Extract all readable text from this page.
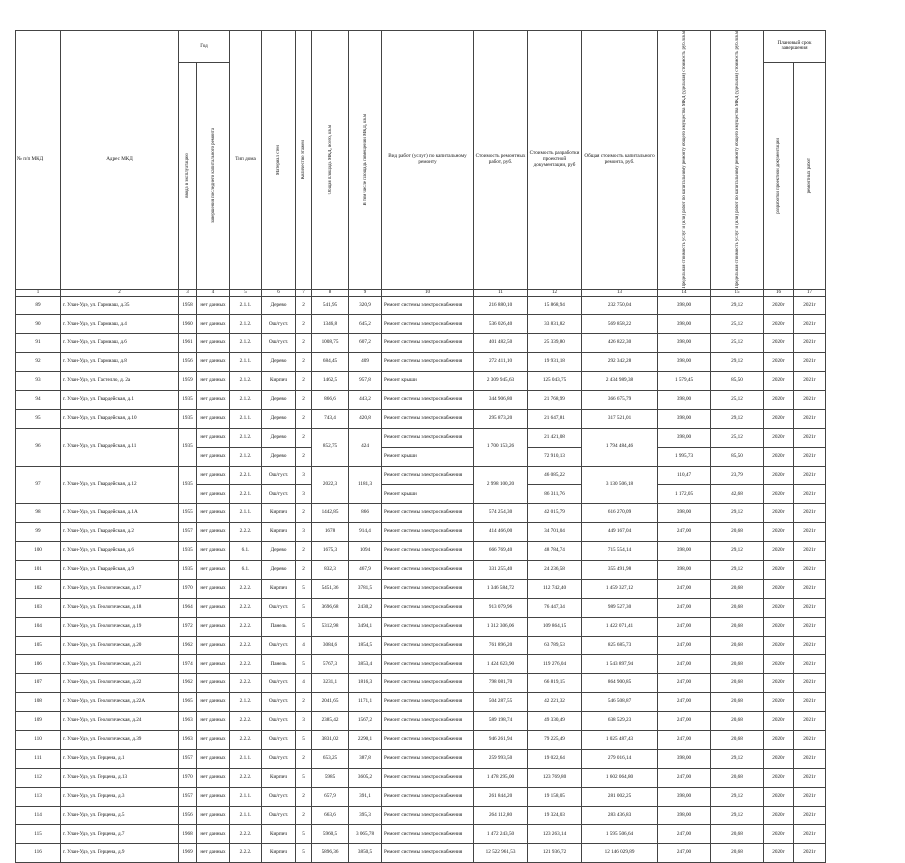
№ п/п МКД	Адрес МКД	Год		Тип дома	Материал стен	Количество этажей	Общая площадь МКД, всего, кв.м	В том числе площадь помещений МКД, кв.м	Вид работ (услуг) по капитальному ремонту	Стоимость ремонтных работ, руб.	Стоимость разработки проектной документации, руб	Общая стоимость капитального ремонта, руб.	Предельная стоимость услуг и (или) работ по капитальному ремонту общего имущества МКД (удельная) стоимость руб./кв.м	Предельная стоимость услуг и (или) работ по капитальному ремонту общего имущества МКД (удельная) стоимость руб./кв.м	Плановый срок завершения	

		ввода в эксплуатацию	завершения последнего капитального ремонта												разработки проектной документации	ремонтных работ

1	2	3	4	5	6	7	8	9	10	11	12	13	14	15	16	17
89	г. Улан-Удэ, ул. Гармиаш, д.35	1958	нет данных	2.1.1.	Дерево	2	541,95	320,9	Ремонт системы электроснабжения	216 880,10	15 868,94	232 750,04	398,00	29,12	2020г	2021г
90	г. Улан-Удэ, ул. Гармиаш, д.4	1960	нет данных	2.1.2.	Ош/густ.	2	1346,8	645,2	Ремонт системы электроснабжения	536 026,40	33 831,82	569 858,22	398,00	25,12	2020г	2021г
91	г. Улан-Удэ, ул. Гармиаш, д.6	1961	нет данных	2.1.2.	Ош/густ.	2	1008,75	607,2	Ремонт системы электроснабжения	401 482,50	25 339,80	426 822,30	398,00	25,12	2020г	2021г
92	г. Улан-Удэ, ул. Гармиаш, д.8	1956	нет данных	2.1.1.	Дерево	2	684,45	409	Ремонт системы электроснабжения	272 411,10	19 931,18	292 342,28	398,00	29,12	2020г	2021г
93	г. Улан-Удэ, ул. Гастелло, д. 2а	1959	нет данных	2.1.2.	Кирпич	2	1462,5	957,8	Ремонт крыши	2 309 945,63	125 043,75	2 434 989,38	1 579,45	85,50	2020г	2021г
94	г. Улан-Удэ, ул. Гвардейская, д.1	1935	нет данных	2.1.2.	Дерево	2	866,6	443,2	Ремонт системы электроснабжения	344 906,80	21 768,99	366 675,79	398,00	25,12	2020г	2021г
95	г. Улан-Удэ, ул. Гвардейская, д.10	1935	нет данных	2.1.1.	Дерево	2	743,4	420,8	Ремонт системы электроснабжения	295 873,20	21 647,81	317 521,01	398,00	29,12	2020г	2021г
96	г. Улан-Удэ, ул. Гвардейская, д.11	1935	нет данных	2.1.2.	Дерево	2	852,75	424	Ремонт системы электроснабжения	1 700 153,26	21 421,08	1 794 484,46	398,00	25,12	2020г	2021г
			нет данных	2.1.2.	Дерево	2			Ремонт крыши		72 910,13		1 995,73	85,50	2020г	2021г
97	г. Улан-Удэ, ул. Гвардейская, д.12	1935	нет данных	2.2.1.	Ош/густ.	3	2022,3	1181,3	Ремонт системы электроснабжения	2 998 100,20	46 085,22	3 130 506,18	110,47	23,79	2020г	2021г
			нет данных	2.2.1.	Ош/густ.	3			Ремонт крыши		86 311,76		1 172,05	42,68	2020г	2021г
98	г. Улан-Удэ, ул. Гвардейская, д.1А	1955	нет данных	2.1.1.	Кирпич	2	1442,85	866	Ремонт системы электроснабжения	574 254,30	42 015,79	616 270,09	398,00	29,12	2020г	2021г
99	г. Улан-Удэ, ул. Гвардейская, д.2	1957	нет данных	2.2.2.	Кирпич	3	1678	914,4	Ремонт системы электроснабжения	414 466,00	34 701,04	449 167,04	247,00	20,68	2020г	2021г
100	г. Улан-Удэ, ул. Гвардейская, д.6	1935	нет данных	6.1.	Дерево	2	1675,3	1094	Ремонт системы электроснабжения	666 769,40	48 784,74	715 554,14	398,00	29,12	2020г	2021г
101	г. Улан-Удэ, ул. Гвардейская, д.9	1935	нет данных	6.1.	Дерево	2	832,3	467,9	Ремонт системы электроснабжения	331 255,40	24 236,58	355 491,98	398,00	29,12	2020г	2021г
102	г. Улан-Удэ, ул. Геологическая, д.17	1970	нет данных	2.2.2.	Кирпич	5	5451,36	3781,5	Ремонт системы электроснабжения	1 346 584,72	112 742,40	1 459 327,12	247,00	20,68	2020г	2021г
103	г. Улан-Удэ, ул. Геологическая, д.18	1964	нет данных	2.2.2.	Ош/густ.	5	3696,68	2430,2	Ремонт системы электроснабжения	913 079,96	76 447,34	989 527,30	247,00	20,68	2020г	2021г
104	г. Улан-Удэ, ул. Геологическая, д.19	1972	нет данных	2.2.2.	Панель	5	5312,98	3494,1	Ремонт системы электроснабжения	1 312 306,06	109 864,15	1 422 071,41	247,00	20,68	2020г	2021г
105	г. Улан-Удэ, ул. Геологическая, д.20	1962	нет данных	2.2.2.	Ош/густ.	4	3084,6	1854,5	Ремонт системы электроснабжения	761 896,20	63 789,53	825 685,73	247,00	20,68	2020г	2021г
106	г. Улан-Удэ, ул. Геологическая, д.21	1974	нет данных	2.2.2.	Панель	5	5767,3	3853,4	Ремонт системы электроснабжения	1 424 623,90	119 276,04	1 543 897,94	247,00	20,68	2020г	2021г
107	г. Улан-Удэ, ул. Геологическая, д.22	1962	нет данных	2.2.2.	Ош/густ.	4	3231,1	1816,3	Ремонт системы электроснабжения	798 081,70	66 819,15	864 900,85	247,00	20,68	2020г	2021г
108	г. Улан-Удэ, ул. Геологическая, д.22А	1965	нет данных	2.1.2.	Ош/густ.	2	2041,65	1171,1	Ремонт системы электроснабжения	504 287,55	42 221,32	546 508,87	247,00	20,68	2020г	2021г
109	г. Улан-Удэ, ул. Геологическая, д.24	1963	нет данных	2.2.2.	Ош/густ.	3	2385,42	1567,2	Ремонт системы электроснабжения	589 198,74	49 330,49	638 529,23	247,00	20,68	2020г	2021г
110	г. Улан-Удэ, ул. Геологическая, д.39	1963	нет данных	2.2.2.	Ош/густ.	5	3831,02	2290,1	Ремонт системы электроснабжения	946 261,94	79 225,49	1 025 487,43	247,00	20,68	2020г	2021г
111	г. Улан-Удэ, ул. Герцена, д.1	1957	нет данных	2.1.1.	Ош/густ.	2	653,25	387,8	Ремонт системы электроснабжения	259 993,50	19 022,64	279 016,14	398,00	29,12	2020г	2021г
112	г. Улан-Удэ, ул. Герцена, д.13	1970	нет данных	2.2.2.	Кирпич	5	5985	3605,2	Ремонт системы электроснабжения	1 478 295,00	123 769,80	1 602 064,80	247,00	20,68	2020г	2021г
113	г. Улан-Удэ, ул. Герцена, д.3	1957	нет данных	2.1.1.	Ош/густ.	2	657,9	391,1	Ремонт системы электроснабжения	261 844,20	19 158,05	281 002,25	398,00	29,12	2020г	2021г
114	г. Улан-Удэ, ул. Герцена, д.5	1956	нет данных	2.1.1.	Ош/густ.	2	663,6	395,3	Ремонт системы электроснабжения	264 112,80	19 324,03	283 436,83	398,00	29,12	2020г	2021г
115	г. Улан-Удэ, ул. Герцена, д.7	1968	нет данных	2.2.2.	Кирпич	5	5960,5	3 065,78	Ремонт системы электроснабжения	1 472 243,50	123 263,14	1 595 506,64	247,00	20,68	2020г	2021г
116	г. Улан-Удэ, ул. Герцена, д.9	1969	нет данных	2.2.2.	Кирпич	5	5896,36	3850,5	Ремонт системы электроснабжения	12 522 961,53	121 936,72	12 146 029,89	247,00	20,68	2020г	2021г
